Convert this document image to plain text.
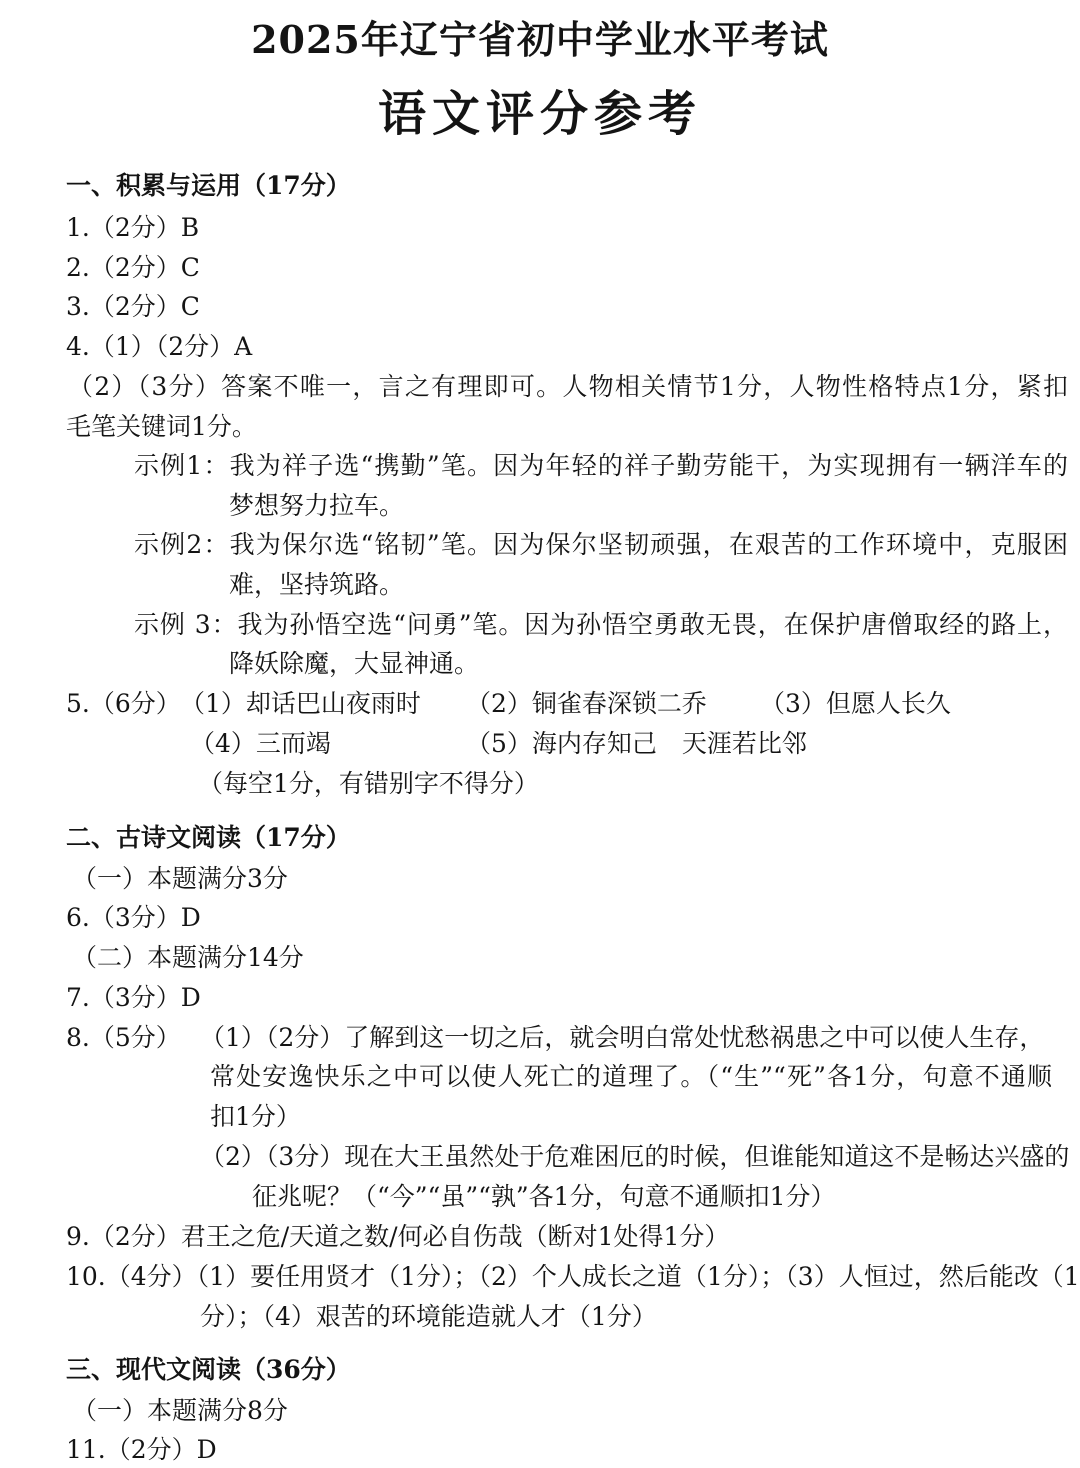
2025年辽宁省初中学业水平考试
语文评分参考
一、积累与运用（17分）
1.（2分）B
2.（2分）C
3.（2分）C
4.（1）（2分）A
（2）（3分）答案不唯一，言之有理即可。人物相关情节1分，人物性格特点1分，紧扣
毛笔关键词1分。
示例1：我为祥子选“携勤”笔。因为年轻的祥子勤劳能干，为实现拥有一辆洋车的
梦想努力拉车。
示例2：我为保尔选“铭韧”笔。因为保尔坚韧顽强，在艰苦的工作环境中，克服困
难，坚持筑路。
示例 3：我为孙悟空选“问勇”笔。因为孙悟空勇敢无畏，在保护唐僧取经的路上，
降妖除魔，大显神通。
5.（6分） （1）却话巴山夜雨时 （2）铜雀春深锁二乔 （3）但愿人长久
（4）三而竭	（5）海内存知己　天涯若比邻
（每空1分，有错别字不得分）
二、古诗文阅读（17分）
（一）本题满分3分
6.（3分）D
（二）本题满分14分
7.（3分）D
8.（5分） （1）（2分）了解到这一切之后，就会明白常处忧愁祸患之中可以使人生存，
常处安逸快乐之中可以使人死亡的道理了。（“生”“死”各1分，句意不通顺
扣1分）
（2）（3分）现在大王虽然处于危难困厄的时候，但谁能知道这不是畅达兴盛的
征兆呢？（“今”“虽”“孰”各1分，句意不通顺扣1分）
9.（2分）君王之危/天道之数/何必自伤哉（断对1处得1分）
10.（4分）（1）要任用贤才（1分）；（2）个人成长之道（1分）；（3）人恒过，然后能改（1
分）；（4）艰苦的环境能造就人才（1分）
三、现代文阅读（36分）
（一）本题满分8分
11.（2分）D
